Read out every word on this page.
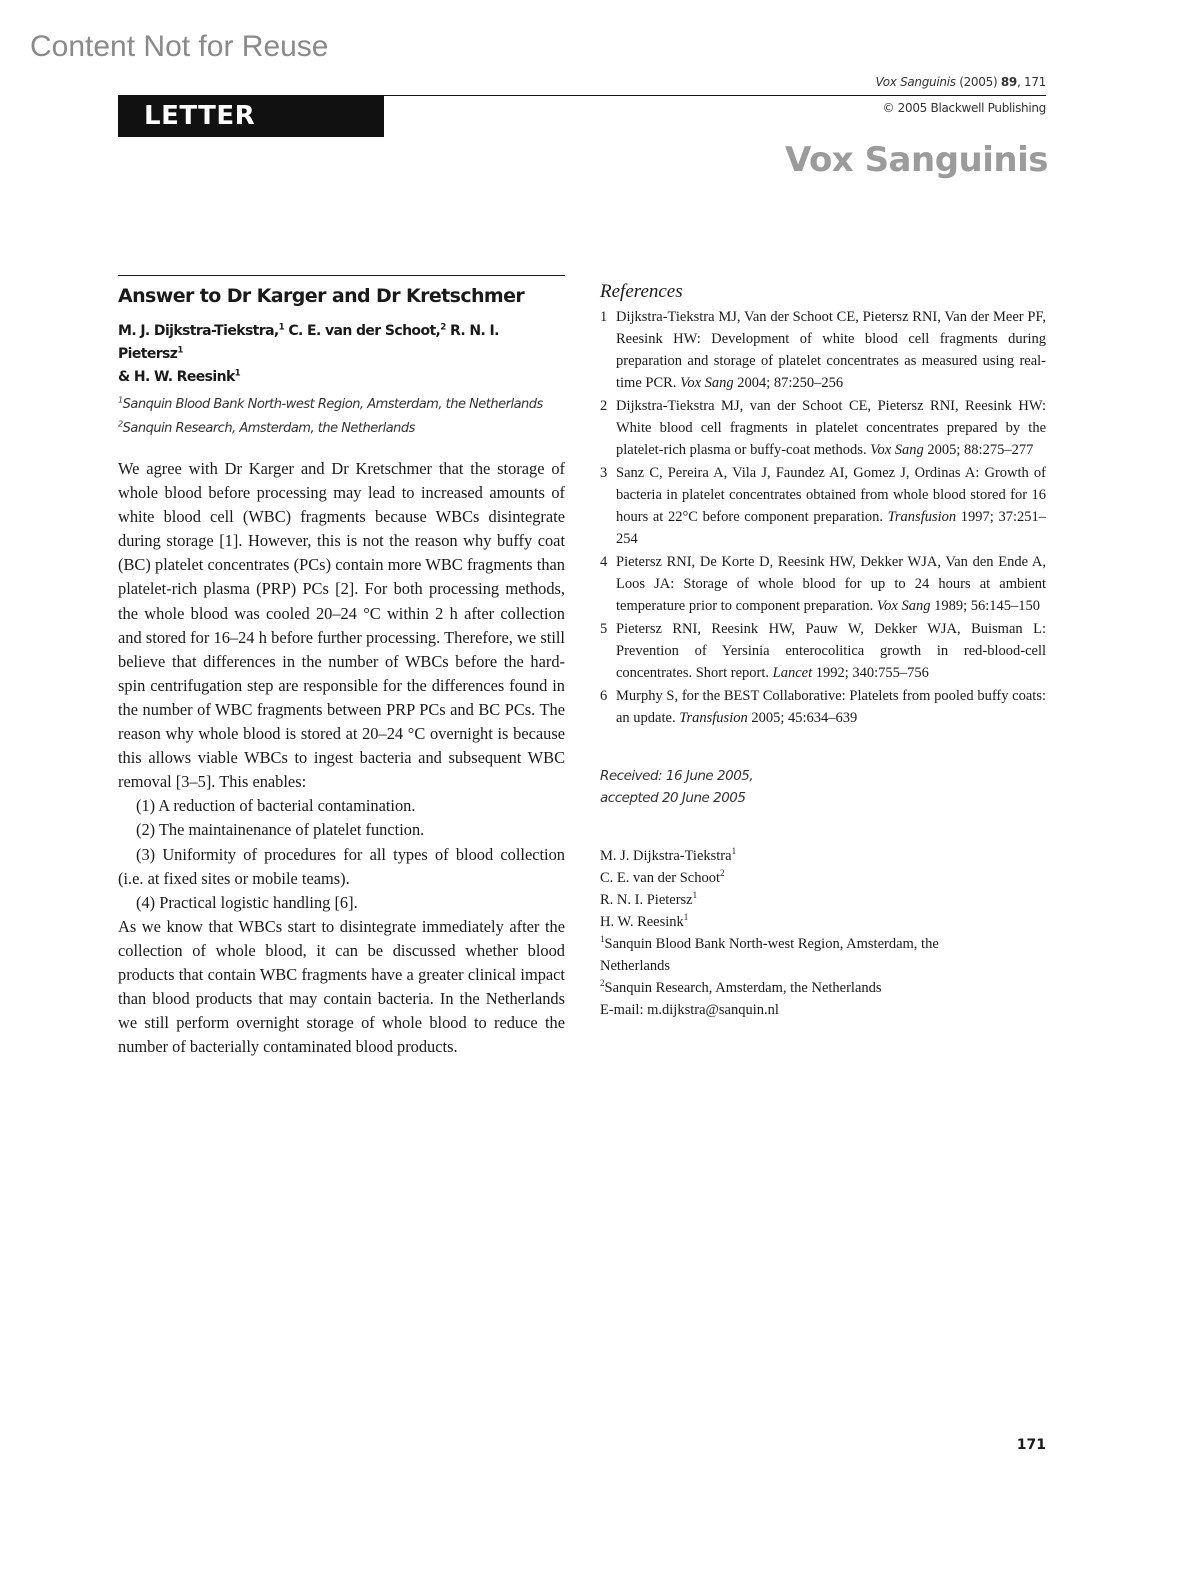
Content Not for Reuse
Vox Sanguinis (2005) 89, 171
LETTER	© 2005 Blackwell Publishing
Vox Sanguinis
Answer to Dr Karger and Dr Kretschmer
M. J. Dijkstra-Tiekstra,$^1$ C. E. van der Schoot,$^2$ R. N. I. Pietersz$^1$
& H. W. Reesink$^1$
$^1$Sanquin Blood Bank North-west Region, Amsterdam, the Netherlands
$^2$Sanquin Research, Amsterdam, the Netherlands

We agree with Dr Karger and Dr Kretschmer that the storage of whole blood before processing may lead to increased amounts of white blood cell (WBC) fragments because WBCs disintegrate during storage [1]. However, this is not the reason why buffy coat (BC) platelet concentrates (PCs) contain more WBC fragments than platelet-rich plasma (PRP) PCs [2]. For both processing methods, the whole blood was cooled 20–24 °C within 2 h after collection and stored for 16–24 h before further processing. Therefore, we still believe that differences in the number of WBCs before the hard-spin centrifugation step are responsible for the differences found in the number of WBC fragments between PRP PCs and BC PCs. The reason why whole blood is stored at 20–24 °C overnight is because this allows viable WBCs to ingest bacteria and subsequent WBC removal [3–5]. This enables:

(1) A reduction of bacterial contamination.

(2) The maintainenance of platelet function.

(3) Uniformity of procedures for all types of blood collection (i.e. at fixed sites or mobile teams).

(4) Practical logistic handling [6].

As we know that WBCs start to disintegrate immediately after the collection of whole blood, it can be discussed whether blood products that contain WBC fragments have a greater clinical impact than blood products that may contain bacteria. In the Netherlands we still perform overnight storage of whole blood to reduce the number of bacterially contaminated blood products.

References
1 Dijkstra-Tiekstra MJ, Van der Schoot CE, Pietersz RNI, Van der Meer PF, Reesink HW: Development of white blood cell fragments during preparation and storage of platelet concentrates as measured using real-time PCR. Vox Sang 2004; 87:250–256
2 Dijkstra-Tiekstra MJ, van der Schoot CE, Pietersz RNI, Reesink HW: White blood cell fragments in platelet concentrates prepared by the platelet-rich plasma or buffy-coat methods. Vox Sang 2005; 88:275–277
3 Sanz C, Pereira A, Vila J, Faundez AI, Gomez J, Ordinas A: Growth of bacteria in platelet concentrates obtained from whole blood stored for 16 hours at 22°C before component preparation. Transfusion 1997; 37:251–254
4 Pietersz RNI, De Korte D, Reesink HW, Dekker WJA, Van den Ende A, Loos JA: Storage of whole blood for up to 24 hours at ambient temperature prior to component preparation. Vox Sang 1989; 56:145–150
5 Pietersz RNI, Reesink HW, Pauw W, Dekker WJA, Buisman L: Prevention of Yersinia enterocolitica growth in red-blood-cell concentrates. Short report. Lancet 1992; 340:755–756
6 Murphy S, for the BEST Collaborative: Platelets from pooled buffy coats: an update. Transfusion 2005; 45:634–639
Received: 16 June 2005,
accepted 20 June 2005
M. J. Dijkstra-Tiekstra$^1$
C. E. van der Schoot$^2$
R. N. I. Pietersz$^1$
H. W. Reesink$^1$
$^1$Sanquin Blood Bank North-west Region, Amsterdam, the Netherlands
$^2$Sanquin Research, Amsterdam, the Netherlands
E-mail: m.dijkstra@sanquin.nl
171
